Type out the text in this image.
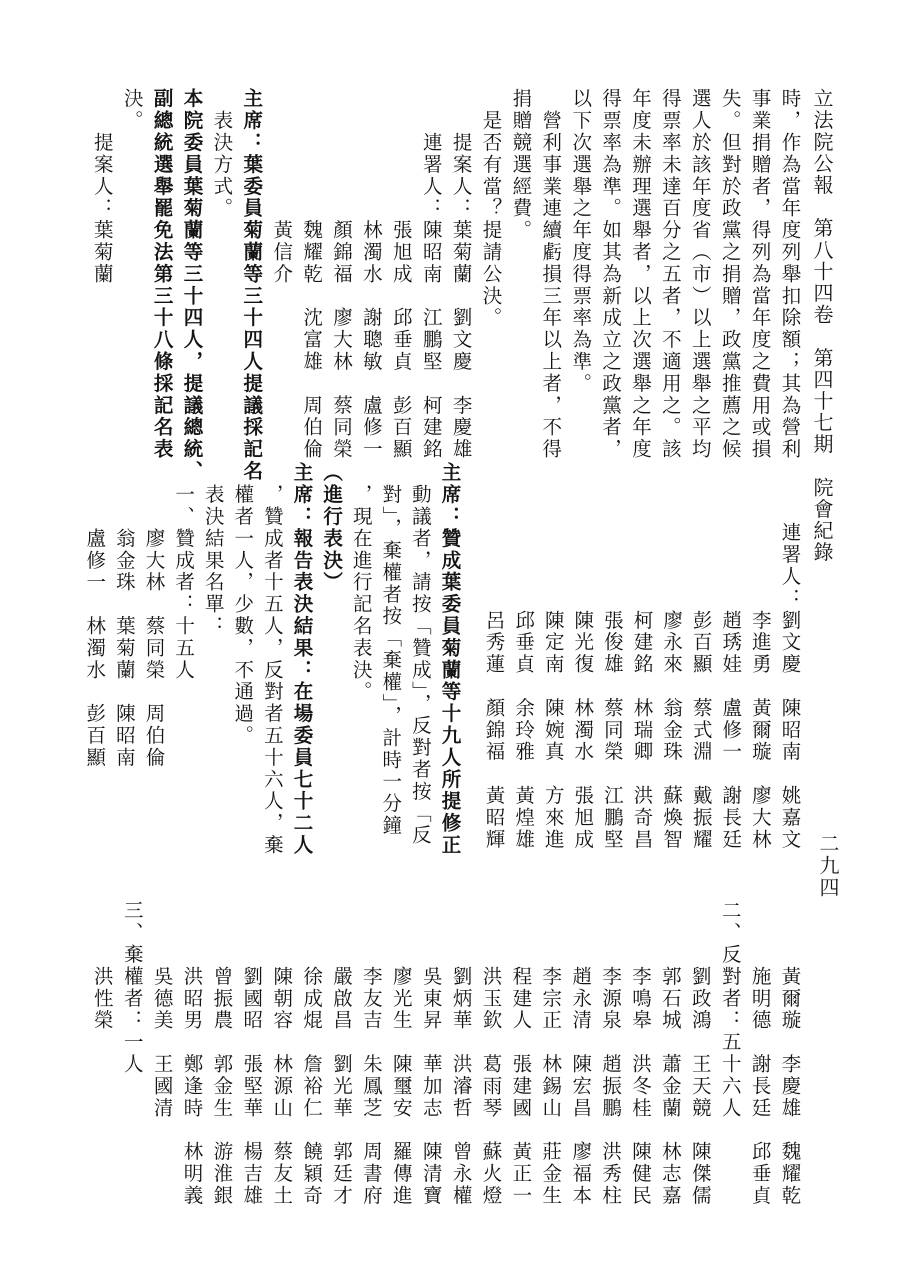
立法院公報　第八十四卷　第四十七期　院會紀錄
二九四
時，作為當年度列舉扣除額；其為營利
事業捐贈者，得列為當年度之費用或損
失。但對於政黨之捐贈，政黨推薦之候
選人於該年度省（市）以上選舉之平均
得票率未達百分之五者，不適用之。該
年度未辦理選舉者，以上次選舉之年度
得票率為準。如其為新成立之政黨者，
以下次選舉之年度得票率為準。
　營利事業連續虧損三年以上者，不得
捐贈競選經費。
　是否有當？提請公決。
　　提案人：葉菊蘭　劉文慶　李慶雄
　　連署人：陳昭南　江鵬堅　柯建銘
　　　　　　張旭成　邱垂貞　彭百顯
　　　　　　林濁水　謝聰敏　盧修一
　　　　　　顏錦福　廖大林　蔡同榮
　　　　　　魏耀乾　沈富雄　周伯倫
　　　　　　黃信介
主席：葉委員菊蘭等三十四人提議採記名
　表決方式。
本院委員葉菊蘭等三十四人，提議總統、
副總統選舉罷免法第三十八條採記名表
決。
　　提案人：葉菊蘭
連署人：劉文慶　陳昭南　姚嘉文
　　　　李進勇　黃爾璇　廖大林
　　　　趙琇娃　盧修一　謝長廷
　　　　彭百顯　蔡式淵　戴振耀
　　　　廖永來　翁金珠　蘇煥智
　　　　柯建銘　林瑞卿　洪奇昌
　　　　張俊雄　蔡同榮　江鵬堅
　　　　陳光復　林濁水　張旭成
　　　　陳定南　陳婉真　方來進
　　　　邱垂貞　余玲雅　黃煌雄
　　　　呂秀蓮　顏錦福　黃昭輝
主席：贊成葉委員菊蘭等十九人所提修正
　動議者，請按「贊成」，反對者按「反
　對」，棄權者按「棄權」，計時一分鐘
　，現在進行記名表決。
（進行表決）
主席：報告表決結果：在場委員七十二人
　，贊成者十五人，反對者五十六人，棄
　權者一人，少數，不通過。
　表決結果名單：
　一、贊成者：十五人
　　　廖大林　蔡同榮　周伯倫
　　　翁金珠　葉菊蘭　陳昭南
　　　盧修一　林濁水　彭百顯
　　　黃爾璇　李慶雄　魏耀乾
　　　施明德　謝長廷　邱垂貞
二、反對者：五十六人
　　　劉政鴻　王天競　陳傑儒
　　　郭石城　蕭金蘭　林志嘉
　　　李鳴皋　洪冬桂　陳健民
　　　李源泉　趙振鵬　洪秀柱
　　　趙永清　陳宏昌　廖福本
　　　李宗正　林錫山　莊金生
　　　程建人　張建國　黃正一
　　　洪玉欽　葛雨琴　蘇火燈
　　　劉炳華　洪濬哲　曾永權
　　　吳東昇　華加志　陳清寶
　　　廖光生　陳璽安　羅傳進
　　　李友吉　朱鳳芝　周書府
　　　嚴啟昌　劉光華　郭廷才
　　　徐成焜　詹裕仁　饒穎奇
　　　陳朝容　林源山　蔡友土
　　　劉國昭　張堅華　楊吉雄
　　　曾振農　郭金生　游淮銀
　　　洪昭男　鄭逢時　林明義
　　　吳德美　王國清
三、棄權者：一人
　　　洪性榮
